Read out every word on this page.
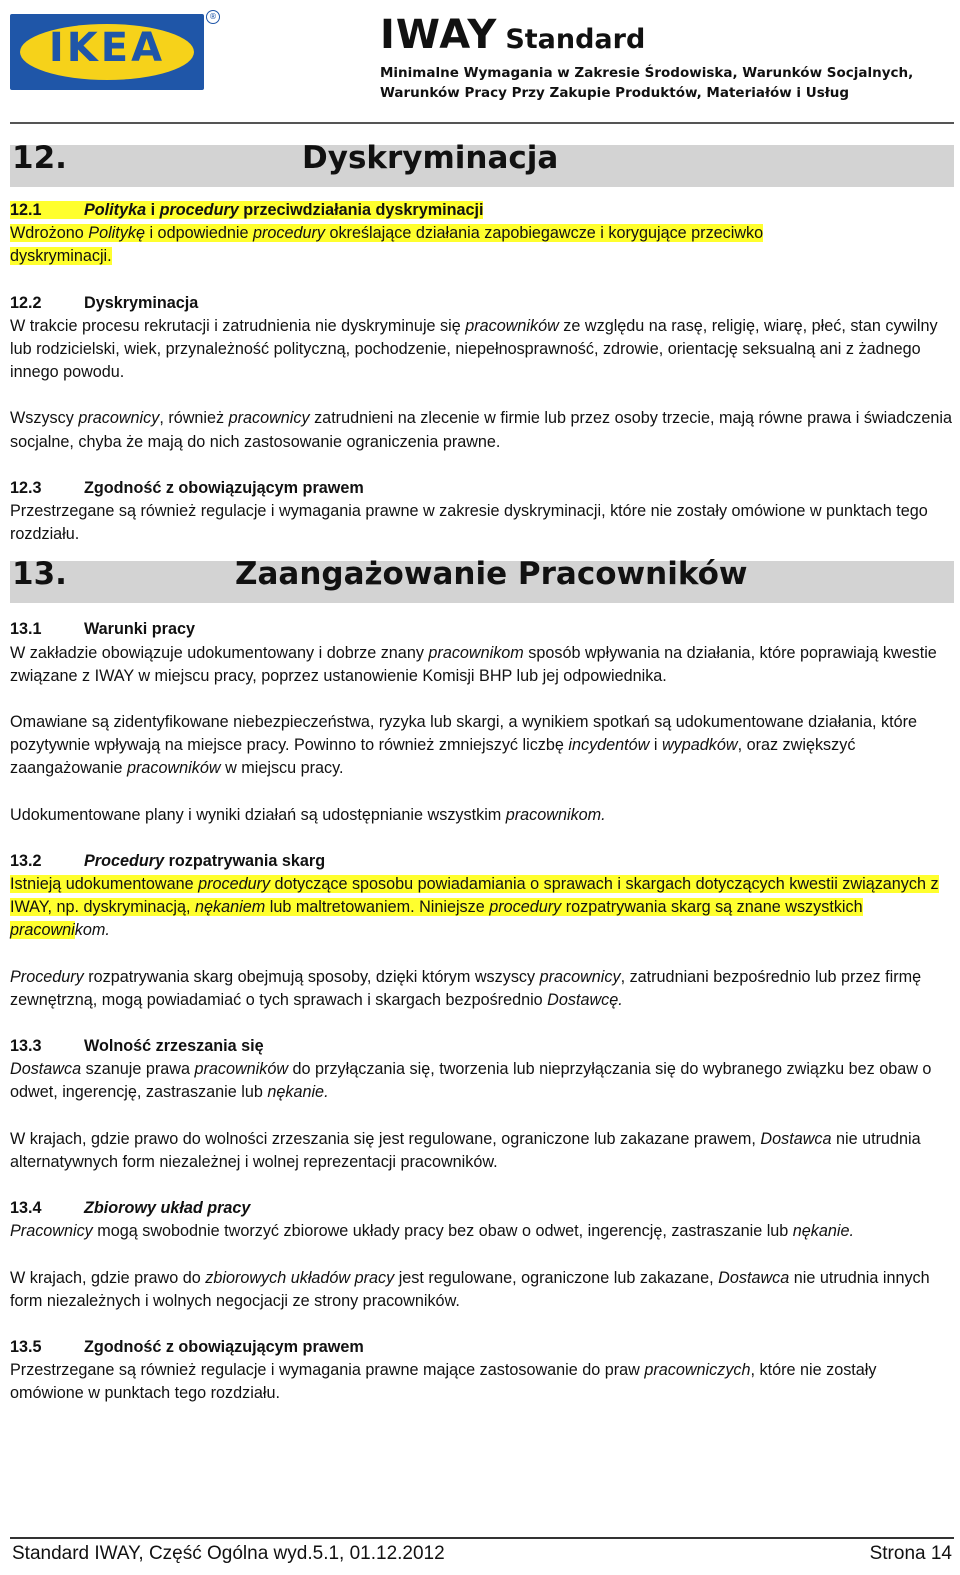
IKEA
®	IWAY Standard
Minimalne Wymagania w Zakresie Środowiska, Warunków Socjalnych,
Warunków Pracy Przy Zakupie Produktów, Materiałów i Usług
12.	Dyskryminacja

12.1	Polityka i procedury przeciwdziałania dyskryminacji

Wdrożono Politykę i odpowiednie procedury określające działania zapobiegawcze i korygujące przeciwko
dyskryminacji.

12.2	Dyskryminacja

W trakcie procesu rekrutacji i zatrudnienia nie dyskryminuje się pracowników ze względu na rasę, religię, wiarę, płeć, stan cywilny lub rodzicielski, wiek, przynależność polityczną, pochodzenie, niepełnosprawność, zdrowie, orientację seksualną ani z żadnego innego powodu.

Wszyscy pracownicy, również pracownicy zatrudnieni na zlecenie w firmie lub przez osoby trzecie, mają równe prawa i świadczenia socjalne, chyba że mają do nich zastosowanie ograniczenia prawne.

12.3	Zgodność z obowiązującym prawem

Przestrzegane są również regulacje i wymagania prawne w zakresie dyskryminacji, które nie zostały omówione w punktach tego rozdziału.

13.	Zaangażowanie Pracowników

13.1	Warunki pracy

W zakładzie obowiązuje udokumentowany i dobrze znany pracownikom sposób wpływania na działania, które poprawiają kwestie związane z IWAY w miejscu pracy, poprzez ustanowienie Komisji BHP lub jej odpowiednika.

Omawiane są zidentyfikowane niebezpieczeństwa, ryzyka lub skargi, a wynikiem spotkań są udokumentowane działania, które pozytywnie wpływają na miejsce pracy. Powinno to również zmniejszyć liczbę incydentów i wypadków, oraz zwiększyć zaangażowanie pracowników w miejscu pracy.

Udokumentowane plany i wyniki działań są udostępnianie wszystkim pracownikom.

13.2	Procedury rozpatrywania skarg

Istnieją udokumentowane procedury dotyczące sposobu powiadamiania o sprawach i skargach dotyczących kwestii związanych z IWAY, np. dyskryminacją, nękaniem lub maltretowaniem. Niniejsze procedury rozpatrywania skarg są znane wszystkich pracownikom.

Procedury rozpatrywania skarg obejmują sposoby, dzięki którym wszyscy pracownicy, zatrudniani bezpośrednio lub przez firmę zewnętrzną, mogą powiadamiać o tych sprawach i skargach bezpośrednio Dostawcę.

13.3	Wolność zrzeszania się

Dostawca szanuje prawa pracowników do przyłączania się, tworzenia lub nieprzyłączania się do wybranego związku bez obaw o odwet, ingerencję, zastraszanie lub nękanie.

W krajach, gdzie prawo do wolności zrzeszania się jest regulowane, ograniczone lub zakazane prawem, Dostawca nie utrudnia alternatywnych form niezależnej i wolnej reprezentacji pracowników.

13.4	Zbiorowy układ pracy

Pracownicy mogą swobodnie tworzyć zbiorowe układy pracy bez obaw o odwet, ingerencję, zastraszanie lub nękanie.

W krajach, gdzie prawo do zbiorowych układów pracy jest regulowane, ograniczone lub zakazane, Dostawca nie utrudnia innych form niezależnych i wolnych negocjacji ze strony pracowników.

13.5	Zgodność z obowiązującym prawem

Przestrzegane są również regulacje i wymagania prawne mające zastosowanie do praw pracowniczych, które nie zostały omówione w punktach tego rozdziału.

Standard IWAY, Część Ogólna wyd.5.1, 01.12.2012	Strona 14
